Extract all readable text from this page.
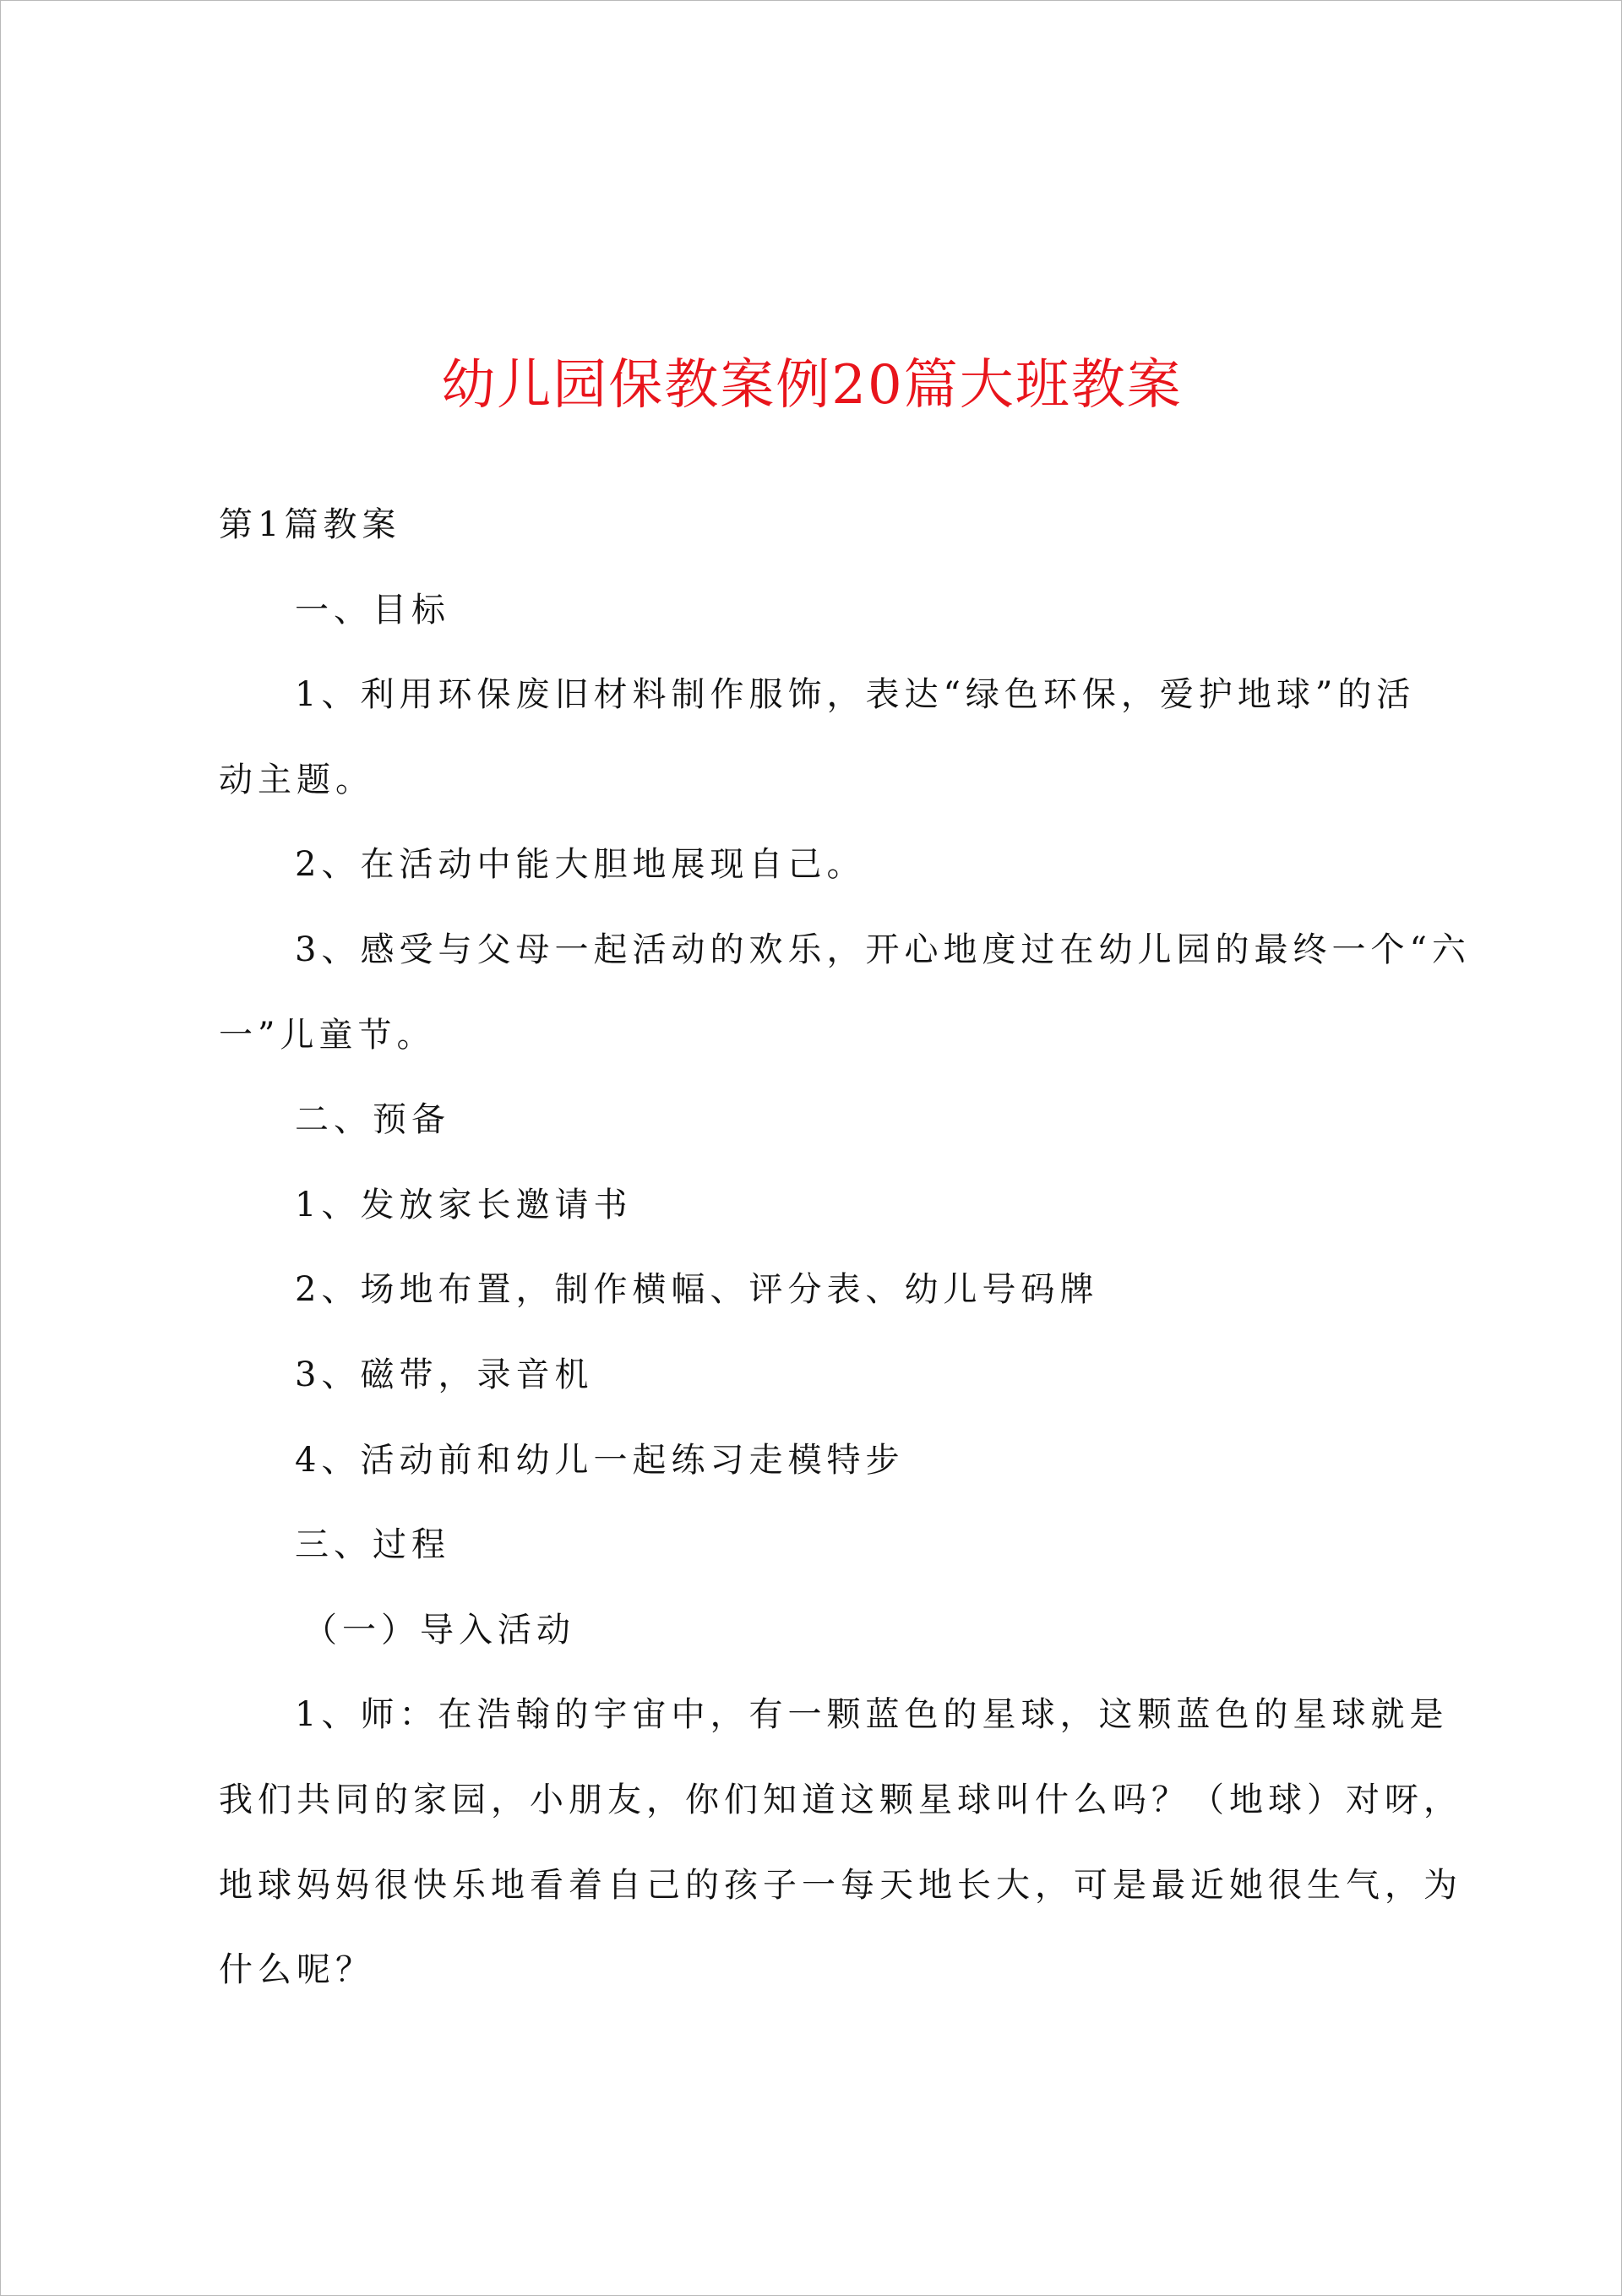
幼儿园保教案例20篇大班教案

第1篇教案

一、目标

1、利用环保废旧材料制作服饰，表达“绿色环保，爱护地球”的活

动主题。

2、在活动中能大胆地展现自己。

3、感受与父母一起活动的欢乐，开心地度过在幼儿园的最终一个“六

一”儿童节。

二、预备

1、发放家长邀请书

2、场地布置，制作横幅、评分表、幼儿号码牌

3、磁带，录音机

4、活动前和幼儿一起练习走模特步

三、过程

（一）导入活动

1、师：在浩翰的宇宙中，有一颗蓝色的星球，这颗蓝色的星球就是

我们共同的家园，小朋友，你们知道这颗星球叫什么吗？（地球）对呀，

地球妈妈很快乐地看着自己的孩子一每天地长大，可是最近她很生气，为

什么呢？
